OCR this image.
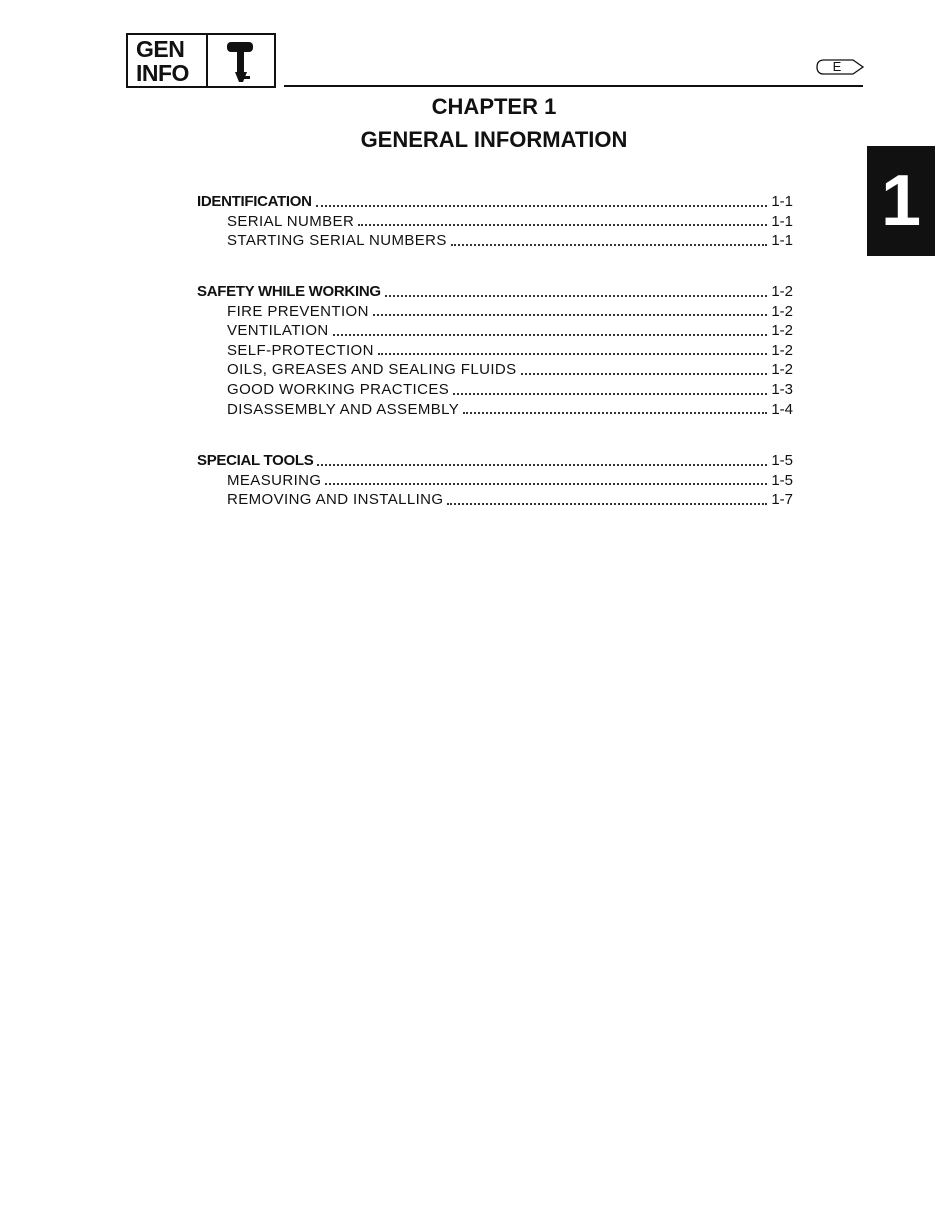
GEN
INFO	E
1
CHAPTER 1
GENERAL INFORMATION
IDENTIFICATION	1-1
SERIAL NUMBER	1-1
STARTING SERIAL NUMBERS	1-1
SAFETY WHILE WORKING	1-2
FIRE PREVENTION	1-2
VENTILATION	1-2
SELF-PROTECTION	1-2
OILS, GREASES AND SEALING FLUIDS	1-2
GOOD WORKING PRACTICES	1-3
DISASSEMBLY AND ASSEMBLY	1-4
SPECIAL TOOLS	1-5
MEASURING	1-5
REMOVING AND INSTALLING	1-7
